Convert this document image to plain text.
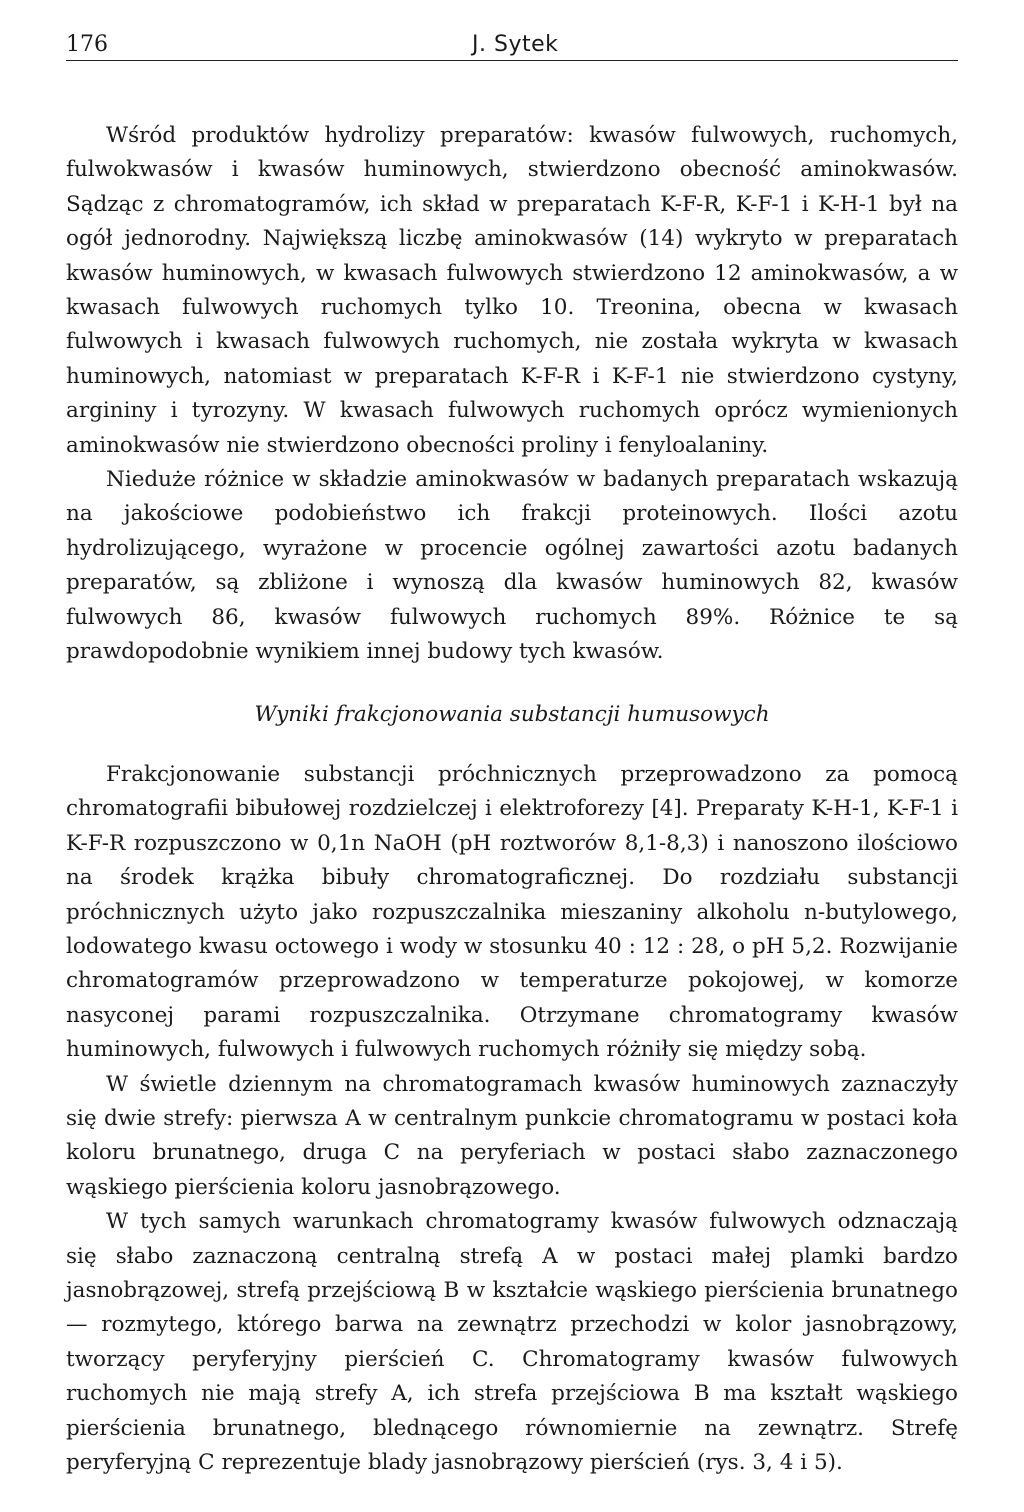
176	J. Sytek

Wśród produktów hydrolizy preparatów: kwasów fulwowych, ruchomych, fulwokwasów i kwasów huminowych, stwierdzono obecność aminokwasów. Sądząc z chromatogramów, ich skład w preparatach K-F-R, K-F-1 i K-H-1 był na ogół jednorodny. Największą liczbę aminokwasów (14) wykryto w preparatach kwasów huminowych, w kwasach fulwowych stwierdzono 12 aminokwasów, a w kwasach fulwowych ruchomych tylko 10. Treonina, obecna w kwasach fulwowych i kwasach fulwowych ruchomych, nie została wykryta w kwasach huminowych, natomiast w preparatach K-F-R i K-F-1 nie stwierdzono cystyny, argininy i tyrozyny. W kwasach fulwowych ruchomych oprócz wymienionych aminokwasów nie stwierdzono obecności proliny i fenyloalaniny.

Nieduże różnice w składzie aminokwasów w badanych preparatach wskazują na jakościowe podobieństwo ich frakcji proteinowych. Ilości azotu hydrolizującego, wyrażone w procencie ogólnej zawartości azotu badanych preparatów, są zbliżone i wynoszą dla kwasów huminowych 82, kwasów fulwowych 86, kwasów fulwowych ruchomych 89%. Różnice te są prawdopodobnie wynikiem innej budowy tych kwasów.

Wyniki frakcjonowania substancji humusowych

Frakcjonowanie substancji próchnicznych przeprowadzono za pomocą chromatografii bibułowej rozdzielczej i elektroforezy [4]. Preparaty K-H-1, K-F-1 i K-F-R rozpuszczono w 0,1n NaOH (pH roztworów 8,1-8,3) i nanoszono ilościowo na środek krążka bibuły chromatograficznej. Do rozdziału substancji próchnicznych użyto jako rozpuszczalnika mieszaniny alkoholu n-butylowego, lodowatego kwasu octowego i wody w stosunku 40 : 12 : 28, o pH 5,2. Rozwijanie chromatogramów przeprowadzono w temperaturze pokojowej, w komorze nasyconej parami rozpuszczalnika. Otrzymane chromatogramy kwasów huminowych, fulwowych i fulwowych ruchomych różniły się między sobą.

W świetle dziennym na chromatogramach kwasów huminowych zaznaczyły się dwie strefy: pierwsza A w centralnym punkcie chromatogramu w postaci koła koloru brunatnego, druga C na peryferiach w postaci słabo zaznaczonego wąskiego pierścienia koloru jasnobrązowego.

W tych samych warunkach chromatogramy kwasów fulwowych odznaczają się słabo zaznaczoną centralną strefą A w postaci małej plamki bardzo jasnobrązowej, strefą przejściową B w kształcie wąskiego pierścienia brunatnego — rozmytego, którego barwa na zewnątrz przechodzi w kolor jasnobrązowy, tworzący peryferyjny pierścień C. Chromatogramy kwasów fulwowych ruchomych nie mają strefy A, ich strefa przejściowa B ma kształt wąskiego pierścienia brunatnego, blednącego równomiernie na zewnątrz. Strefę peryferyjną C reprezentuje blady jasnobrązowy pierścień (rys. 3, 4 i 5).
